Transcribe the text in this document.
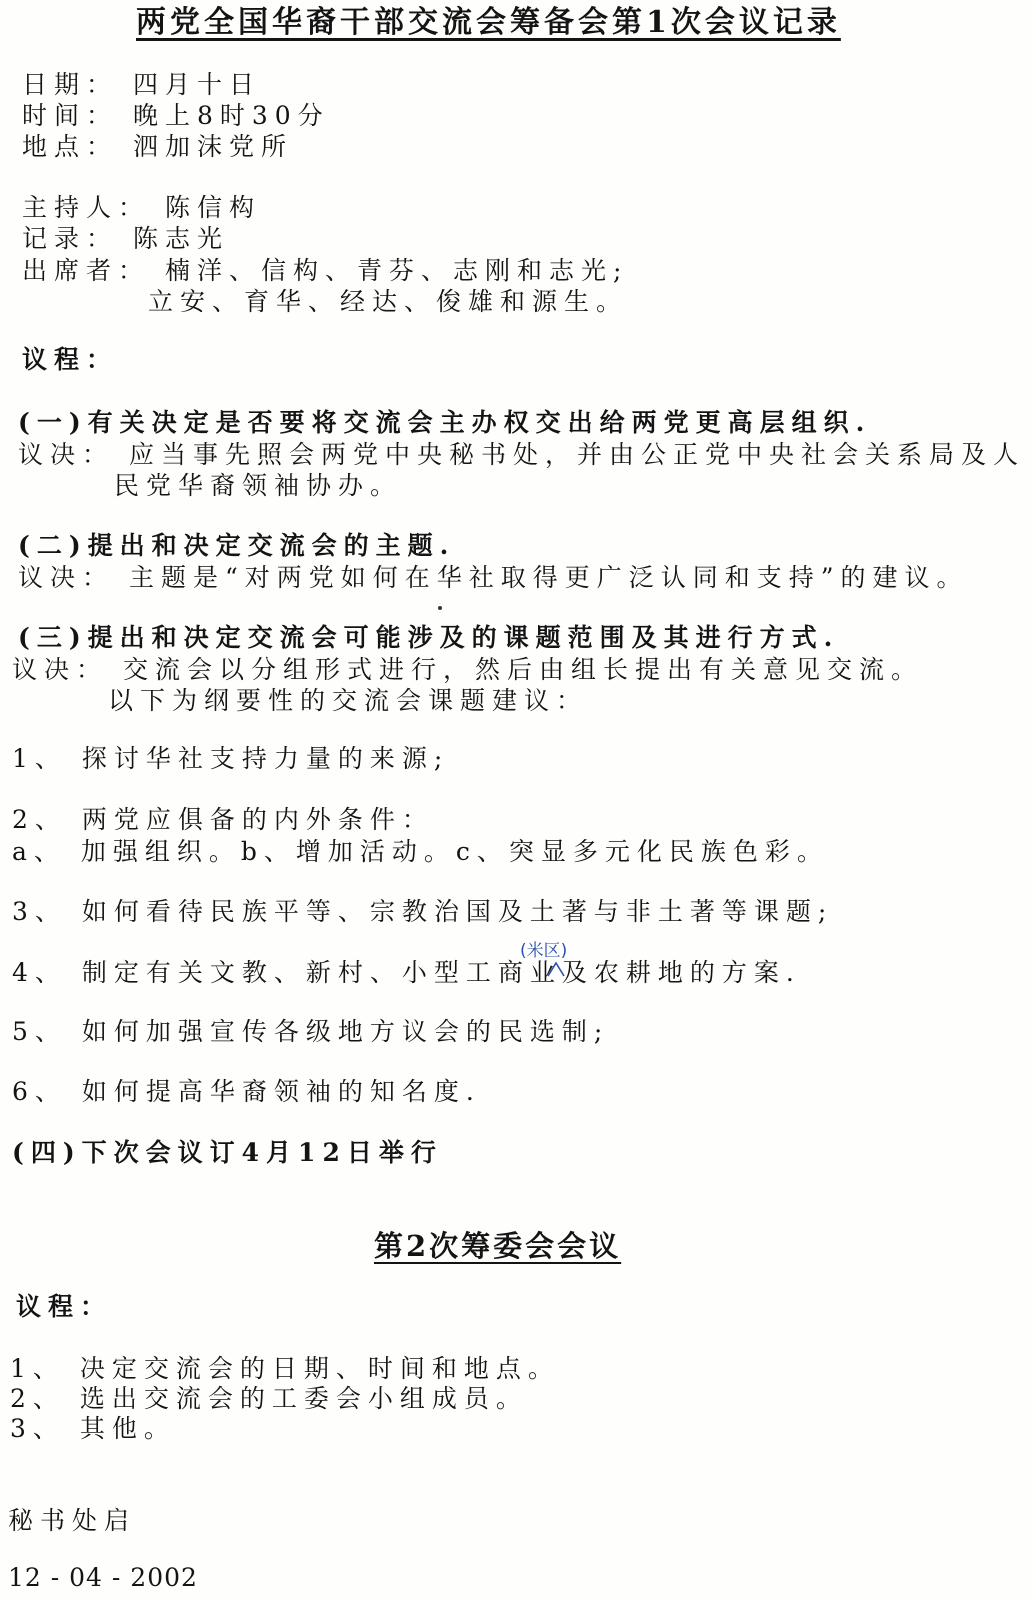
两党全国华裔干部交流会筹备会第1次会议记录
日期： 四月十日
时间： 晚上8时30分
地点： 泗加沫党所
主持人： 陈信构
记录： 陈志光
出席者： 楠洋、信构、青芬、志刚和志光;
立安、育华、经达、俊雄和源生。
议程：
(一)有关决定是否要将交流会主办权交出给两党更高层组织.
议决： 应当事先照会两党中央秘书处，并由公正党中央社会关系局及人
民党华裔领袖协办。
(二)提出和决定交流会的主题.
议决： 主题是“对两党如何在华社取得更广泛认同和支持”的建议。
(三)提出和决定交流会可能涉及的课题范围及其进行方式.
议决： 交流会以分组形式进行，然后由组长提出有关意见交流。
以下为纲要性的交流会课题建议：
1、 探讨华社支持力量的来源;
2、 两党应俱备的内外条件：
a、 加强组织。b、增加活动。c、突显多元化民族色彩。
3、 如何看待民族平等、宗教治国及土著与非土著等课题;
(米区)
4、 制定有关文教、新村、小型工商业及农耕地的方案.
5、 如何加强宣传各级地方议会的民选制;
6、 如何提高华裔领袖的知名度.
(四)下次会议订4月12日举行
第2次筹委会会议
议程：
1、 决定交流会的日期、时间和地点。
2、 选出交流会的工委会小组成员。
3、 其他。
秘书处启
12 - 04 - 2002
